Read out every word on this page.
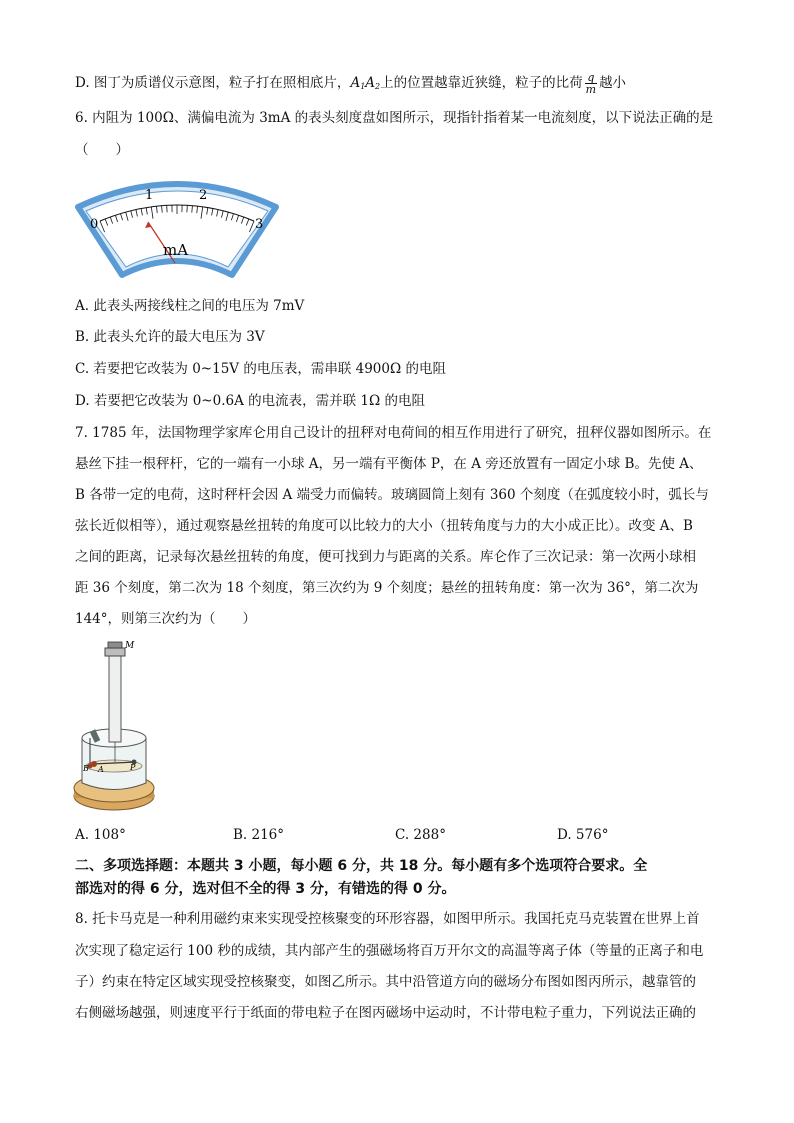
D. 图丁为质谱仪示意图，粒子打在照相底片，$A_1A_2$上的位置越靠近狭缝，粒子的比荷 $\frac{q}{m}$ 越小
6. 内阻为 100Ω、满偏电流为 3mA 的表头刻度盘如图所示，现指针指着某一电流刻度，以下说法正确的是
（　　）
0
1	2
3
mA
A. 此表头两接线柱之间的电压为 7mV
B. 此表头允许的最大电压为 3V
C. 若要把它改装为 0~15V 的电压表，需串联 4900Ω 的电阻
D. 若要把它改装为 0~0.6A 的电流表，需并联 1Ω 的电阻
7. 1785 年，法国物理学家库仑用自己设计的扭秤对电荷间的相互作用进行了研究，扭秤仪器如图所示。在
悬丝下挂一根秤杆，它的一端有一小球 A，另一端有平衡体 P，在 A 旁还放置有一固定小球 B。先使 A、
B 各带一定的电荷，这时秤杆会因 A 端受力而偏转。玻璃圆筒上刻有 360 个刻度（在弧度较小时，弧长与
弦长近似相等），通过观察悬丝扭转的角度可以比较力的大小（扭转角度与力的大小成正比）。改变 A、B
之间的距离，记录每次悬丝扭转的角度，便可找到力与距离的关系。库仑作了三次记录：第一次两小球相
距 36 个刻度，第二次为 18 个刻度，第三次约为 9 个刻度；悬丝的扭转角度：第一次为 36°，第二次为
144°，则第三次约为（　　）
M
B A	P
A. 108°	B. 216°	C. 288°	D. 576°
二、多项选择题：本题共 3 小题，每小题 6 分，共 18 分。每小题有多个选项符合要求。全
部选对的得 6 分，选对但不全的得 3 分，有错选的得 0 分。
8. 托卡马克是一种利用磁约束来实现受控核聚变的环形容器，如图甲所示。我国托克马克装置在世界上首
次实现了稳定运行 100 秒的成绩，其内部产生的强磁场将百万开尔文的高温等离子体（等量的正离子和电
子）约束在特定区域实现受控核聚变，如图乙所示。其中沿管道方向的磁场分布图如图丙所示，越靠管的
右侧磁场越强，则速度平行于纸面的带电粒子在图丙磁场中运动时，不计带电粒子重力，下列说法正确的
